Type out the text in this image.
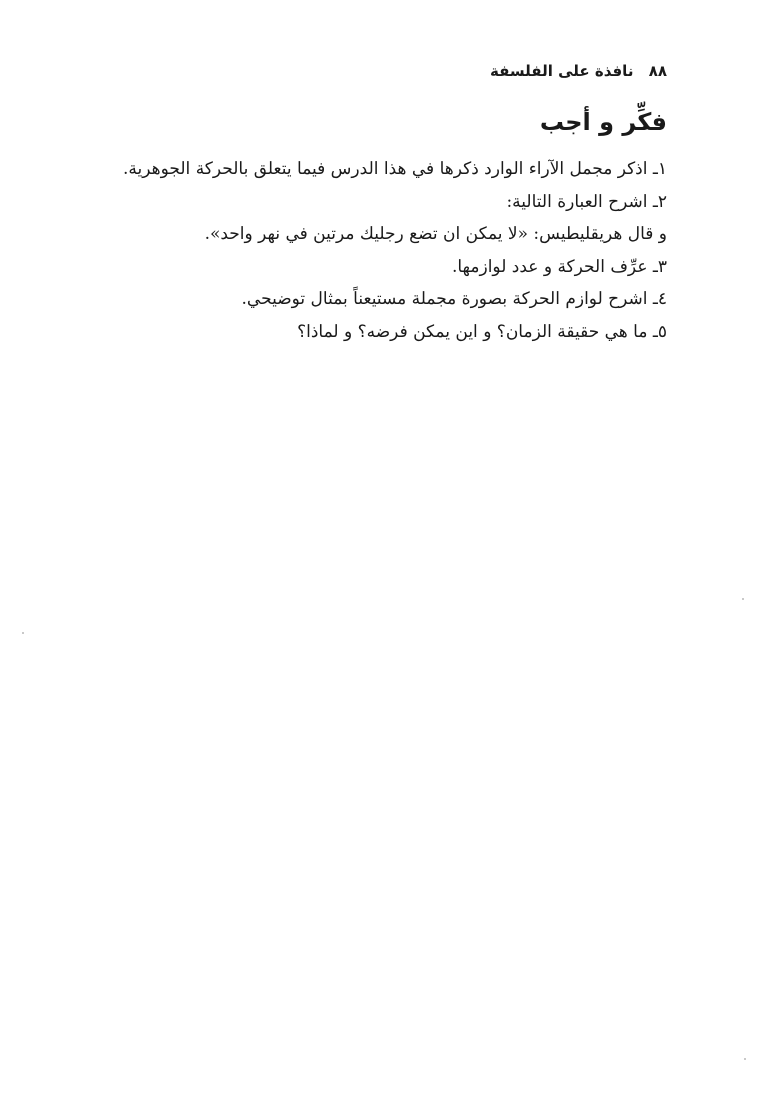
٨٨ نافذة على الفلسفة
فكِّر و أجب
١ـ اذكر مجمل الآراء الوارد ذكرها في هذا الدرس فيما يتعلق بالحركة الجوهرية.
٢ـ اشرح العبارة التالية:
و قال هريقليطيس: «لا يمكن ان تضع رجليك مرتين في نهر واحد».
٣ـ عرِّف الحركة و عدد لوازمها.
٤ـ اشرح لوازم الحركة بصورة مجملة مستيعناً بمثال توضيحي.
٥ـ ما هي حقيقة الزمان؟ و اين يمكن فرضه؟ و لماذا؟
